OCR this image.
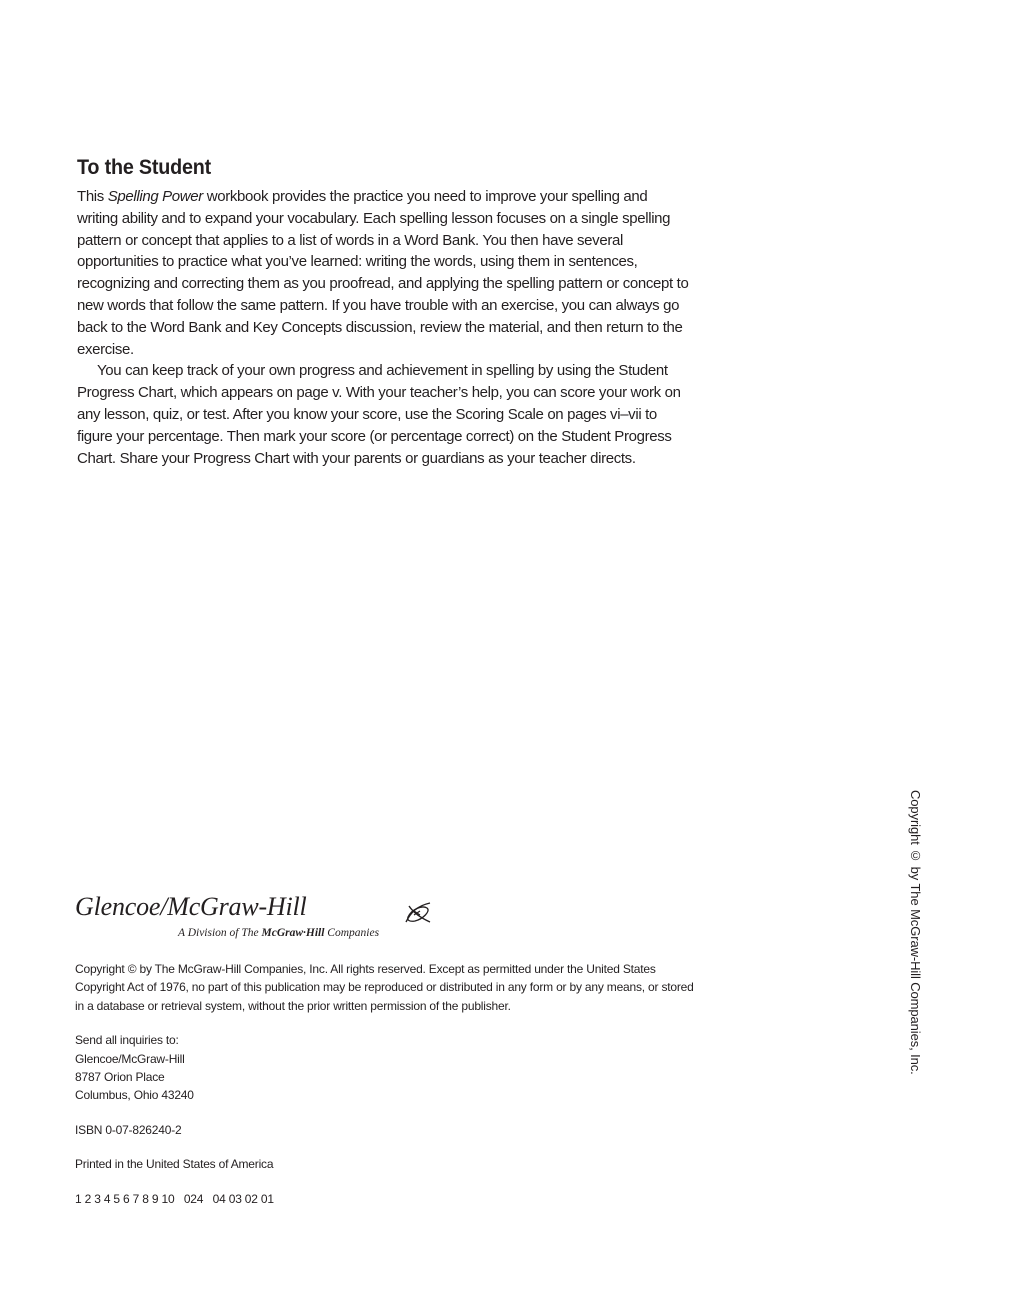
To the Student

This Spelling Power workbook provides the practice you need to improve your spelling and writing ability and to expand your vocabulary. Each spelling lesson focuses on a single spelling pattern or concept that applies to a list of words in a Word Bank. You then have several opportunities to practice what you’ve learned: writing the words, using them in sentences, recognizing and correcting them as you proofread, and applying the spelling pattern or concept to new words that follow the same pattern. If you have trouble with an exercise, you can always go back to the Word Bank and Key Concepts discussion, review the material, and then return to the exercise.

You can keep track of your own progress and achievement in spelling by using the Student Progress Chart, which appears on page v. With your teacher’s help, you can score your work on any lesson, quiz, or test. After you know your score, use the Scoring Scale on pages vi–vii to figure your percentage. Then mark your score (or percentage correct) on the Student Progress Chart. Share your Progress Chart with your parents or guardians as your teacher directs.

Copyright © by The McGraw-Hill Companies, Inc.
Glencoe/McGraw-Hill
A Division of The McGraw·Hill Companies

Copyright © by The McGraw-Hill Companies, Inc. All rights reserved. Except as permitted under the United States Copyright Act of 1976, no part of this publication may be reproduced or distributed in any form or by any means, or stored in a database or retrieval system, without the prior written permission of the publisher.

Send all inquiries to:

Glencoe/McGraw-Hill

8787 Orion Place

Columbus, Ohio 43240

ISBN 0-07-826240-2

Printed in the United States of America

1 2 3 4 5 6 7 8 9 10   024   04 03 02 01
